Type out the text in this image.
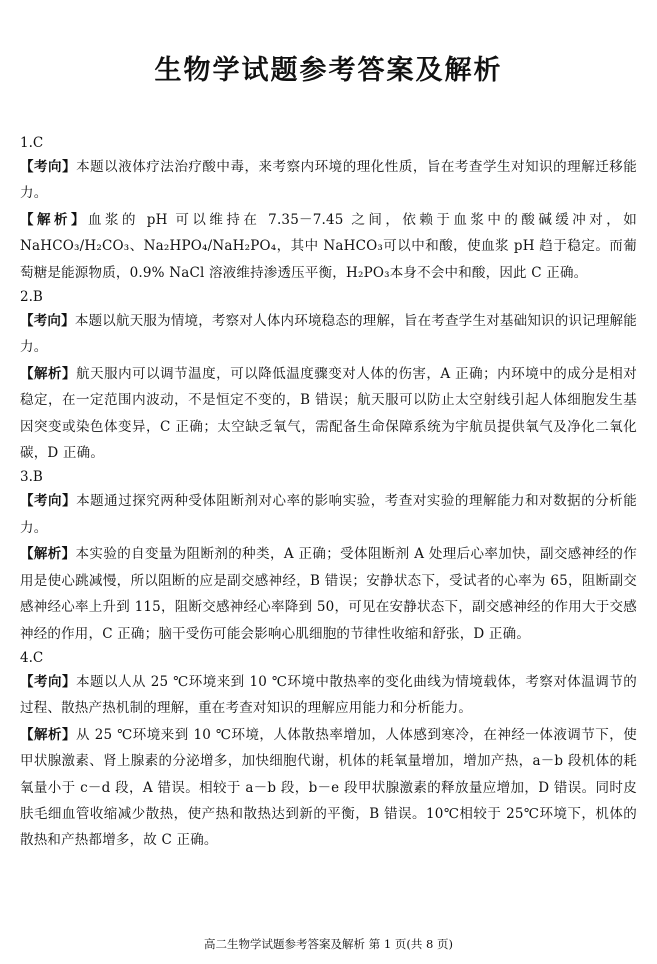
生物学试题参考答案及解析
1.C

【考向】本题以液体疗法治疗酸中毒，来考察内环境的理化性质，旨在考查学生对知识的理解迁移能力。

【解析】血浆的 pH 可以维持在 7.35－7.45 之间，依赖于血浆中的酸碱缓冲对，如 NaHCO₃/H₂CO₃、Na₂HPO₄/NaH₂PO₄，其中 NaHCO₃可以中和酸，使血浆 pH 趋于稳定。而葡萄糖是能源物质，0.9% NaCl 溶液维持渗透压平衡，H₂PO₃本身不会中和酸，因此 C 正确。

2.B

【考向】本题以航天服为情境，考察对人体内环境稳态的理解，旨在考查学生对基础知识的识记理解能力。

【解析】航天服内可以调节温度，可以降低温度骤变对人体的伤害，A 正确；内环境中的成分是相对稳定，在一定范围内波动，不是恒定不变的，B 错误；航天服可以防止太空射线引起人体细胞发生基因突变或染色体变异，C 正确；太空缺乏氧气，需配备生命保障系统为宇航员提供氧气及净化二氧化碳，D 正确。

3.B

【考向】本题通过探究两种受体阻断剂对心率的影响实验，考查对实验的理解能力和对数据的分析能力。

【解析】本实验的自变量为阻断剂的种类，A 正确；受体阻断剂 A 处理后心率加快，副交感神经的作用是使心跳减慢，所以阻断的应是副交感神经，B 错误；安静状态下，受试者的心率为 65，阻断副交感神经心率上升到 115，阻断交感神经心率降到 50，可见在安静状态下，副交感神经的作用大于交感神经的作用，C 正确；脑干受伤可能会影响心肌细胞的节律性收缩和舒张，D 正确。

4.C

【考向】本题以人从 25 ℃环境来到 10 ℃环境中散热率的变化曲线为情境载体，考察对体温调节的过程、散热产热机制的理解，重在考查对知识的理解应用能力和分析能力。

【解析】从 25 ℃环境来到 10 ℃环境，人体散热率增加，人体感到寒冷，在神经一体液调节下，使甲状腺激素、肾上腺素的分泌增多，加快细胞代谢，机体的耗氧量增加，增加产热，a－b 段机体的耗氧量小于 c－d 段，A 错误。相较于 a－b 段，b－e 段甲状腺激素的释放量应增加，D 错误。同时皮肤毛细血管收缩减少散热，使产热和散热达到新的平衡，B 错误。10℃相较于 25℃环境下，机体的散热和产热都增多，故 C 正确。

高二生物学试题参考答案及解析 第 1 页(共 8 页)
